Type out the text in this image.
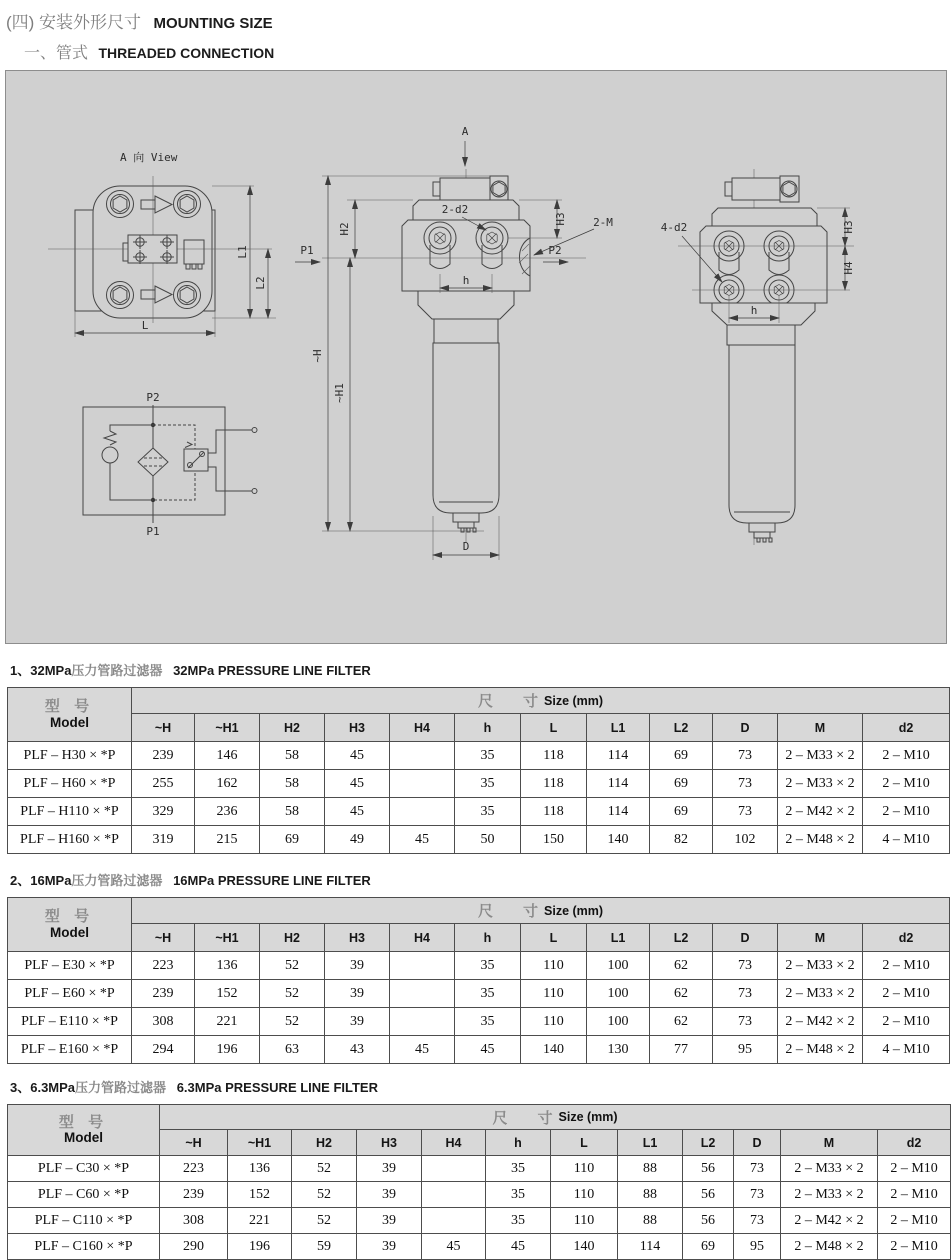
(四) 安装外形尺寸 MOUNTING SIZE
一、管式 THREADED CONNECTION
A 向 View
L1
L2
L
P2
P1
A
P1	P2
2-d2
2-M
H2
H3
h
~H
~H1
D
4-d2	H3
H4
h
1、32MPa压力管路过滤器 32MPa PRESSURE LINE FILTER
型 号
Model

尺 寸 Size (mm)

	~H	~H1	H2	H3	H4	h	L	L1	L2	D	M	d2
PLF – H30 × *P	239	146	58	45		35	118	114	69	73	2 – M33 × 2	2 – M10
PLF – H60 × *P	255	162	58	45		35	118	114	69	73	2 – M33 × 2	2 – M10
PLF – H110 × *P	329	236	58	45		35	118	114	69	73	2 – M42 × 2	2 – M10
PLF – H160 × *P	319	215	69	49	45	50	150	140	82	102	2 – M48 × 2	4 – M10
2、16MPa压力管路过滤器 16MPa PRESSURE LINE FILTER
型 号
Model

尺 寸 Size (mm)

	~H	~H1	H2	H3	H4	h	L	L1	L2	D	M	d2
PLF – E30 × *P	223	136	52	39		35	110	100	62	73	2 – M33 × 2	2 – M10
PLF – E60 × *P	239	152	52	39		35	110	100	62	73	2 – M33 × 2	2 – M10
PLF – E110 × *P	308	221	52	39		35	110	100	62	73	2 – M42 × 2	2 – M10
PLF – E160 × *P	294	196	63	43	45	45	140	130	77	95	2 – M48 × 2	4 – M10
3、6.3MPa压力管路过滤器 6.3MPa PRESSURE LINE FILTER
型 号
Model

尺 寸 Size (mm)

	~H	~H1	H2	H3	H4	h	L	L1	L2	D	M	d2
PLF – C30 × *P	223	136	52	39		35	110	88	56	73	2 – M33 × 2	2 – M10
PLF – C60 × *P	239	152	52	39		35	110	88	56	73	2 – M33 × 2	2 – M10
PLF – C110 × *P	308	221	52	39		35	110	88	56	73	2 – M42 × 2	2 – M10
PLF – C160 × *P	290	196	59	39	45	45	140	114	69	95	2 – M48 × 2	2 – M10
